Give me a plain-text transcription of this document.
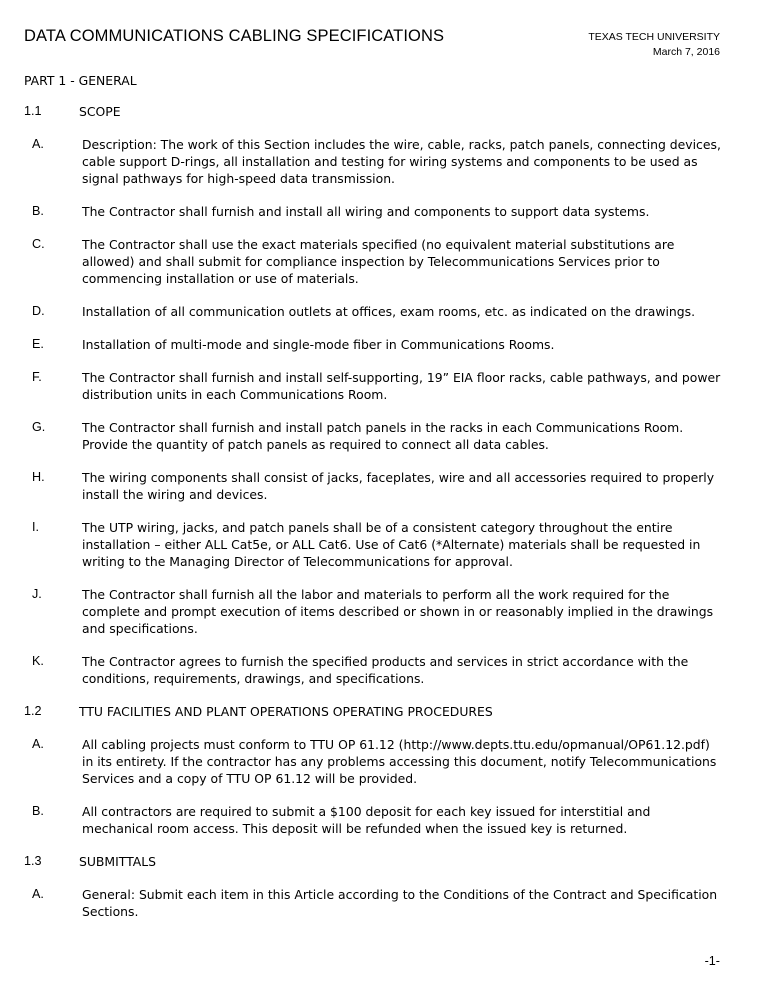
DATA COMMUNICATIONS CABLING SPECIFICATIONS	TEXAS TECH UNIVERSITY
March 7, 2016
PART 1 - GENERAL
1.1	SCOPE
A.	Description: The work of this Section includes the wire, cable, racks, patch panels, connecting devices, cable support D-rings, all installation and testing for wiring systems and components to be used as signal pathways for high-speed data transmission.
B.	The Contractor shall furnish and install all wiring and components to support data systems.
C.	The Contractor shall use the exact materials specified (no equivalent material substitutions are allowed) and shall submit for compliance inspection by Telecommunications Services prior to commencing installation or use of materials.
D.	Installation of all communication outlets at offices, exam rooms, etc. as indicated on the drawings.
E.	Installation of multi-mode and single-mode fiber in Communications Rooms.
F.	The Contractor shall furnish and install self-supporting, 19” EIA floor racks, cable pathways, and power distribution units in each Communications Room.
G.	The Contractor shall furnish and install patch panels in the racks in each Communications Room. Provide the quantity of patch panels as required to connect all data cables.
H.	The wiring components shall consist of jacks, faceplates, wire and all accessories required to properly install the wiring and devices.
I.	The UTP wiring, jacks, and patch panels shall be of a consistent category throughout the entire installation – either ALL Cat5e, or ALL Cat6. Use of Cat6 (*Alternate) materials shall be requested in writing to the Managing Director of Telecommunications for approval.
J.	The Contractor shall furnish all the labor and materials to perform all the work required for the complete and prompt execution of items described or shown in or reasonably implied in the drawings and specifications.
K.	The Contractor agrees to furnish the specified products and services in strict accordance with the conditions, requirements, drawings, and specifications.
1.2	TTU FACILITIES AND PLANT OPERATIONS OPERATING PROCEDURES
A.	All cabling projects must conform to TTU OP 61.12 (http://www.depts.ttu.edu/opmanual/OP61.12.pdf) in its entirety. If the contractor has any problems accessing this document, notify Telecommunications Services and a copy of TTU OP 61.12 will be provided.
B.	All contractors are required to submit a $100 deposit for each key issued for interstitial and mechanical room access. This deposit will be refunded when the issued key is returned.
1.3	SUBMITTALS
A.	General: Submit each item in this Article according to the Conditions of the Contract and Specification Sections.
-1-
